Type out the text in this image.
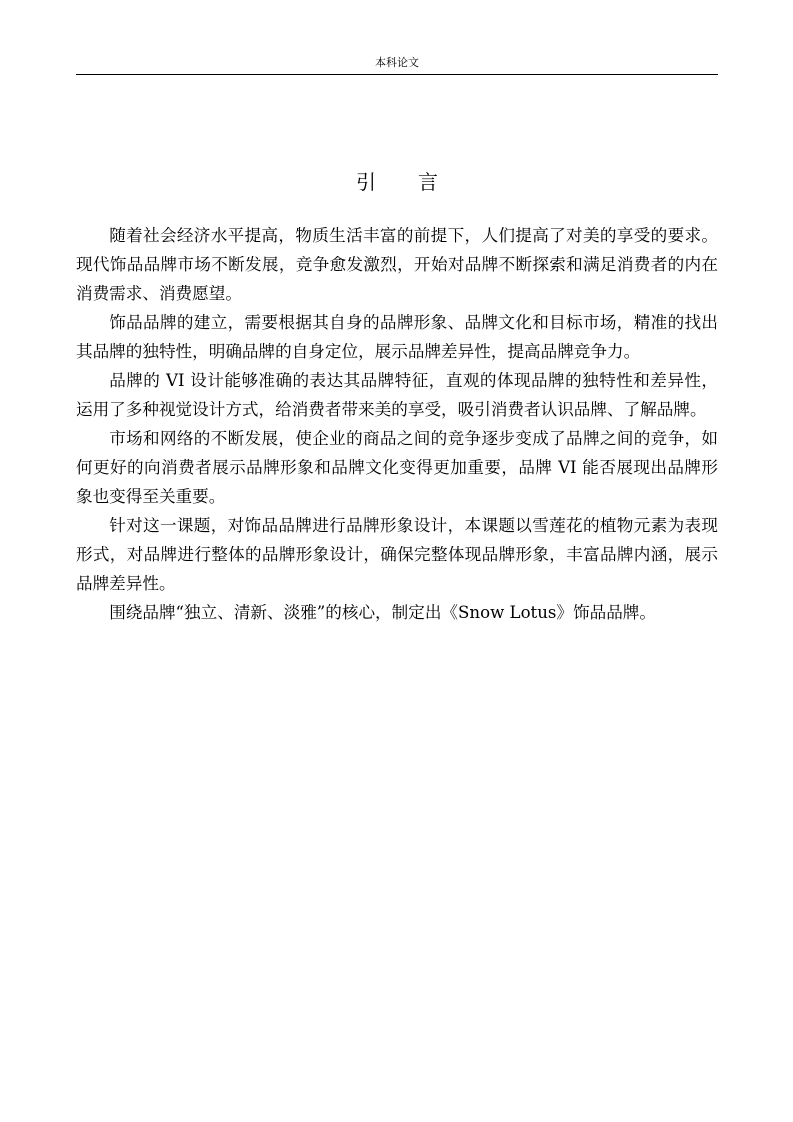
本科论文
引 言

随着社会经济水平提高，物质生活丰富的前提下，人们提高了对美的享受的要求。现代饰品品牌市场不断发展，竞争愈发激烈，开始对品牌不断探索和满足消费者的内在消费需求、消费愿望。

饰品品牌的建立，需要根据其自身的品牌形象、品牌文化和目标市场，精准的找出其品牌的独特性，明确品牌的自身定位，展示品牌差异性，提高品牌竞争力。

品牌的 VI 设计能够准确的表达其品牌特征，直观的体现品牌的独特性和差异性，运用了多种视觉设计方式，给消费者带来美的享受，吸引消费者认识品牌、了解品牌。

市场和网络的不断发展，使企业的商品之间的竞争逐步变成了品牌之间的竞争，如何更好的向消费者展示品牌形象和品牌文化变得更加重要，品牌 VI 能否展现出品牌形象也变得至关重要。

针对这一课题，对饰品品牌进行品牌形象设计，本课题以雪莲花的植物元素为表现形式，对品牌进行整体的品牌形象设计，确保完整体现品牌形象，丰富品牌内涵，展示品牌差异性。

围绕品牌“独立、清新、淡雅”的核心，制定出《Snow Lotus》饰品品牌。
